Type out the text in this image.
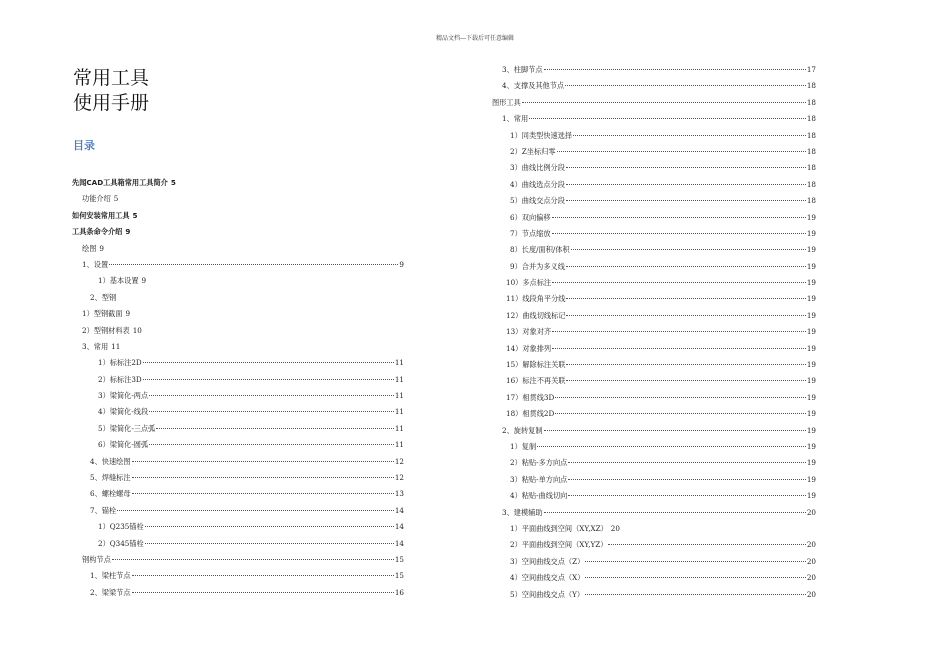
精品文档---下载后可任意编辑
常用工具
使用手册
目录
先闻CAD工具箱常用工具简介 5
功能介绍 5
如何安装常用工具 5
工具条命令介绍 9
绘图 9
1、设置	9
1）基本设置 9
2、型钢
1）型钢截面 9
2）型钢材料表 10
3、常用 11
1）标标注2D	11
2）标标注3D	11
3）梁简化-两点	11
4）梁简化-线段	11
5）梁简化-三点弧	11
6）梁简化-圆弧	11
4、快速绘图	12
5、焊缝标注	12
6、螺栓螺母	13
7、锚栓	14
1）Q235锚栓	14
2）Q345锚栓	14
钢构节点	15
1、梁柱节点	15
2、梁梁节点	16
3、柱脚节点	17
4、支撑及其他节点	18
图形工具	18
1、常用	18
1）同类型快速选择	18
2）Z坐标归零	18
3）曲线比例分段	18
4）曲线选点分段	18
5）曲线交点分段	18
6）双向偏移	19
7）节点缩放	19
8）长度/面积/体积	19
9）合并为多义线	19
10）多点标注	19
11）线段角平分线	19
12）曲线切线标记	19
13）对象对齐	19
14）对象排列	19
15）解除标注关联	19
16）标注不再关联	19
17）相贯线3D	19
18）相贯线2D	19
2、旋转复制	19
1）复制	19
2）粘贴-多方向点	19
3）粘贴-单方向点	19
4）粘贴-曲线切向	19
3、建模辅助	20
1）平面曲线到空间（XY,XZ） 20
2）平面曲线到空间（XY,YZ）	20
3）空间曲线交点（Z）	20
4）空间曲线交点（X）	20
5）空间曲线交点（Y）	20
